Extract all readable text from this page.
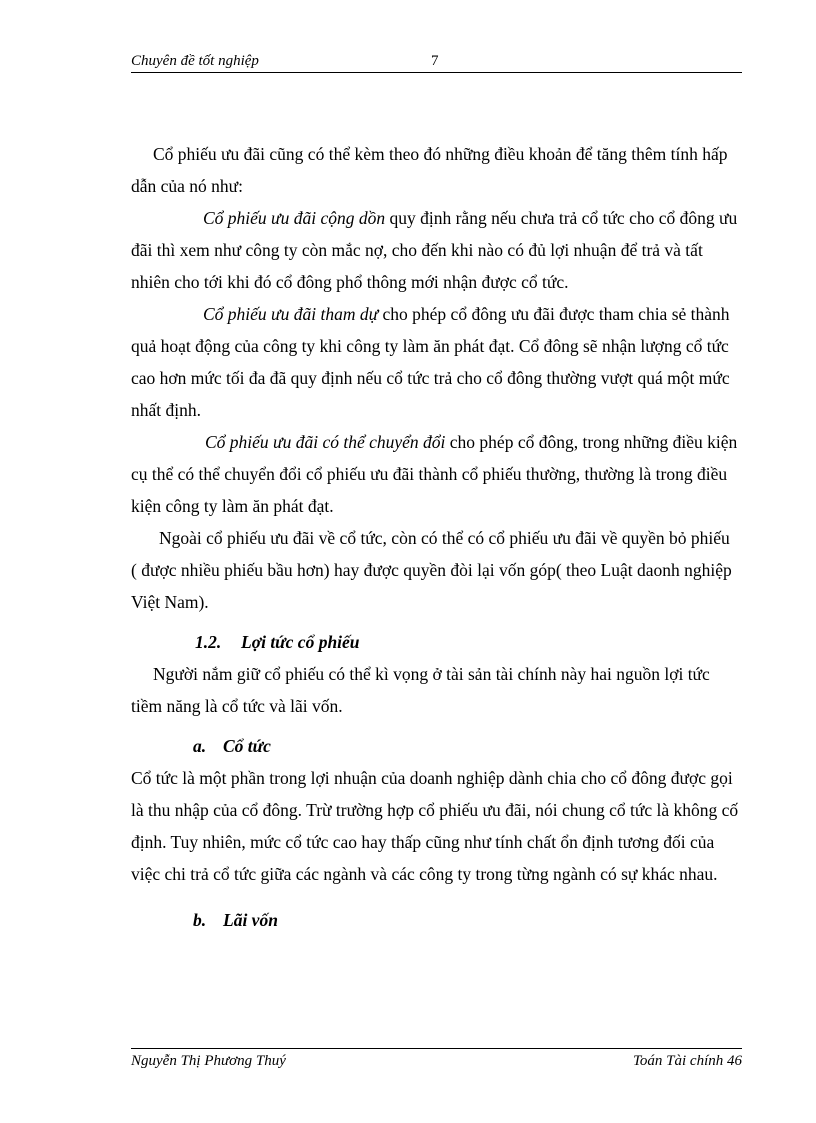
Chuyên đề tốt nghiệp	7

Cổ phiếu ưu đãi cũng có thể kèm theo đó những điều khoản để tăng thêm tính hấp dẫn của nó như:

Cổ phiếu ưu đãi cộng dồn quy định rằng nếu chưa trả cổ tức cho cổ đông ưu đãi thì xem như công ty còn mắc nợ, cho đến khi nào có đủ lợi nhuận để trả và tất nhiên cho tới khi đó cổ đông phổ thông mới nhận được cổ tức.

Cổ phiếu ưu đãi tham dự cho phép cổ đông ưu đãi được tham chia sẻ thành quả hoạt động của công ty khi công ty làm ăn phát đạt. Cổ đông sẽ nhận lượng cổ tức cao hơn mức tối đa đã quy định nếu cổ tức trả cho cổ đông thường vượt quá một mức nhất định.

Cổ phiếu ưu đãi có thể chuyển đổi cho phép cổ đông, trong những điều kiện cụ thể có thể chuyển đổi cổ phiếu ưu đãi thành cổ phiếu thường, thường là trong điều kiện công ty làm ăn phát đạt.

Ngoài cổ phiếu ưu đãi về cổ tức, còn có thể có cổ phiếu ưu đãi về quyền bỏ phiếu ( được nhiều phiếu bầu hơn) hay được quyền đòi lại vốn góp( theo Luật daonh nghiệp Việt Nam).

1.2. Lợi tức cổ phiếu

Người nắm giữ cổ phiếu có thể kì vọng ở tài sản tài chính này hai nguồn lợi tức tiềm năng là cổ tức và lãi vốn.

a. Cổ tức

Cổ tức là một phần trong lợi nhuận của doanh nghiệp dành chia cho cổ đông được gọi là thu nhập của cổ đông. Trừ trường hợp cổ phiếu ưu đãi, nói chung cổ tức là không cố định. Tuy nhiên, mức cổ tức cao hay thấp cũng như tính chất ổn định tương đối của việc chi trả cổ tức giữa các ngành và các công ty trong từng ngành có sự khác nhau.

b. Lãi vốn

Nguyễn Thị Phương Thuý	Toán Tài chính 46
